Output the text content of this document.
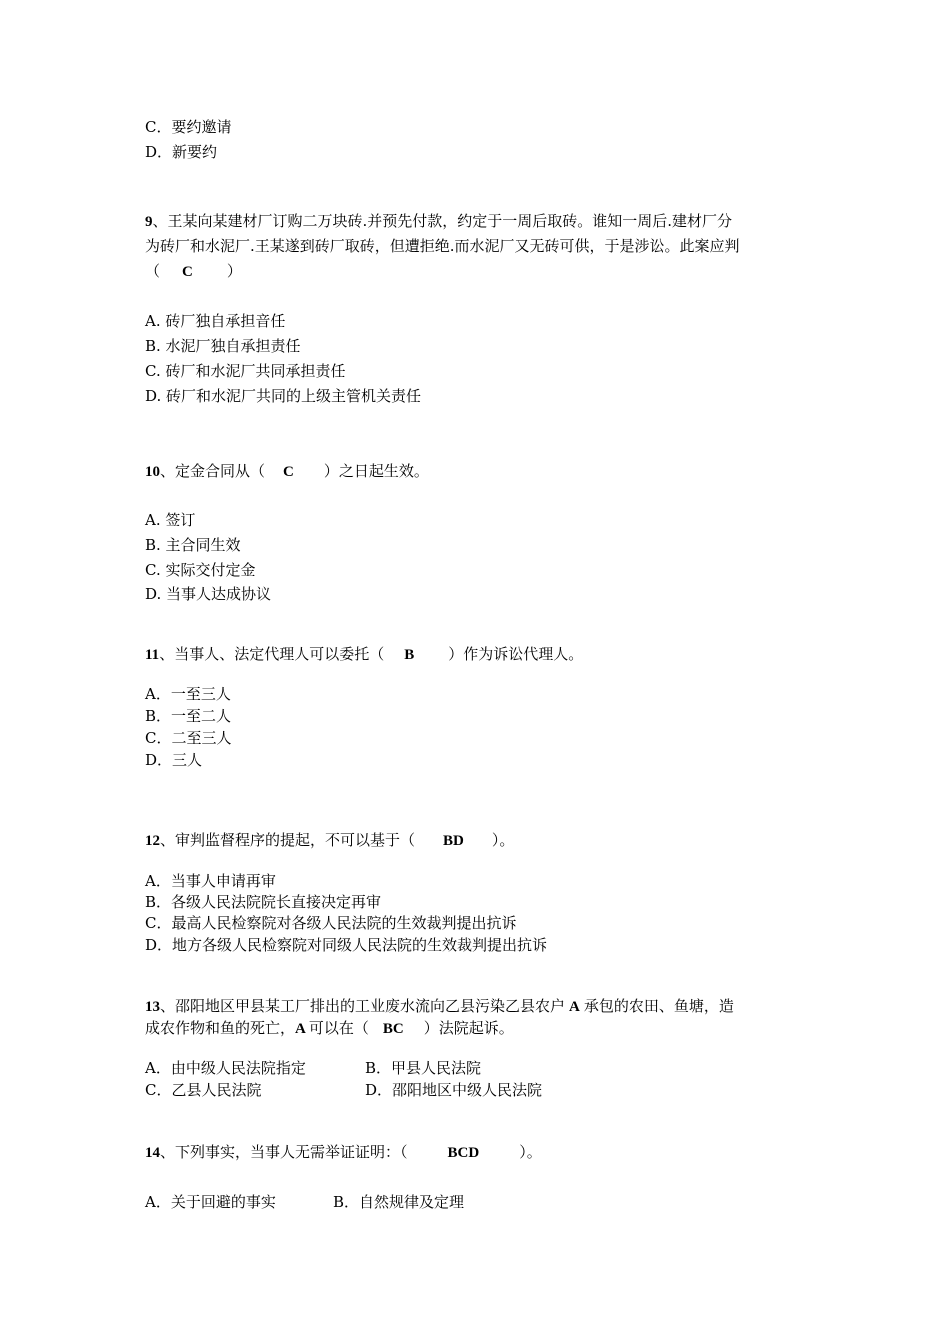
C．要约邀请
D．新要约
9、王某向某建材厂订购二万块砖.并预先付款，约定于一周后取砖。谁知一周后.建材厂分
为砖厂和水泥厂.王某遂到砖厂取砖，但遭拒绝.而水泥厂又无砖可供，于是涉讼。此案应判
（ C ）
A. 砖厂独自承担音任
B. 水泥厂独自承担责任
C. 砖厂和水泥厂共同承担责任
D. 砖厂和水泥厂共同的上级主管机关责任
10、定金合同从（ C ）之日起生效。
A. 签订
B. 主合同生效
C. 实际交付定金
D. 当事人达成协议
11、当事人、法定代理人可以委托（ B ）作为诉讼代理人。
A．一至三人
B．一至二人
C．二至三人
D．三人
12、审判监督程序的提起，不可以基于（ BD ）。
A．当事人申请再审
B．各级人民法院院长直接决定再审
C．最高人民检察院对各级人民法院的生效裁判提出抗诉
D．地方各级人民检察院对同级人民法院的生效裁判提出抗诉
13、邵阳地区甲县某工厂排出的工业废水流向乙县污染乙县农户 A 承包的农田、鱼塘，造
成农作物和鱼的死亡，A 可以在（ BC ）法院起诉。
A．由中级人民法院指定	B．甲县人民法院
C．乙县人民法院	D．邵阳地区中级人民法院
14、下列事实，当事人无需举证证明：（	BCD	）。
A．关于回避的事实	B．自然规律及定理
